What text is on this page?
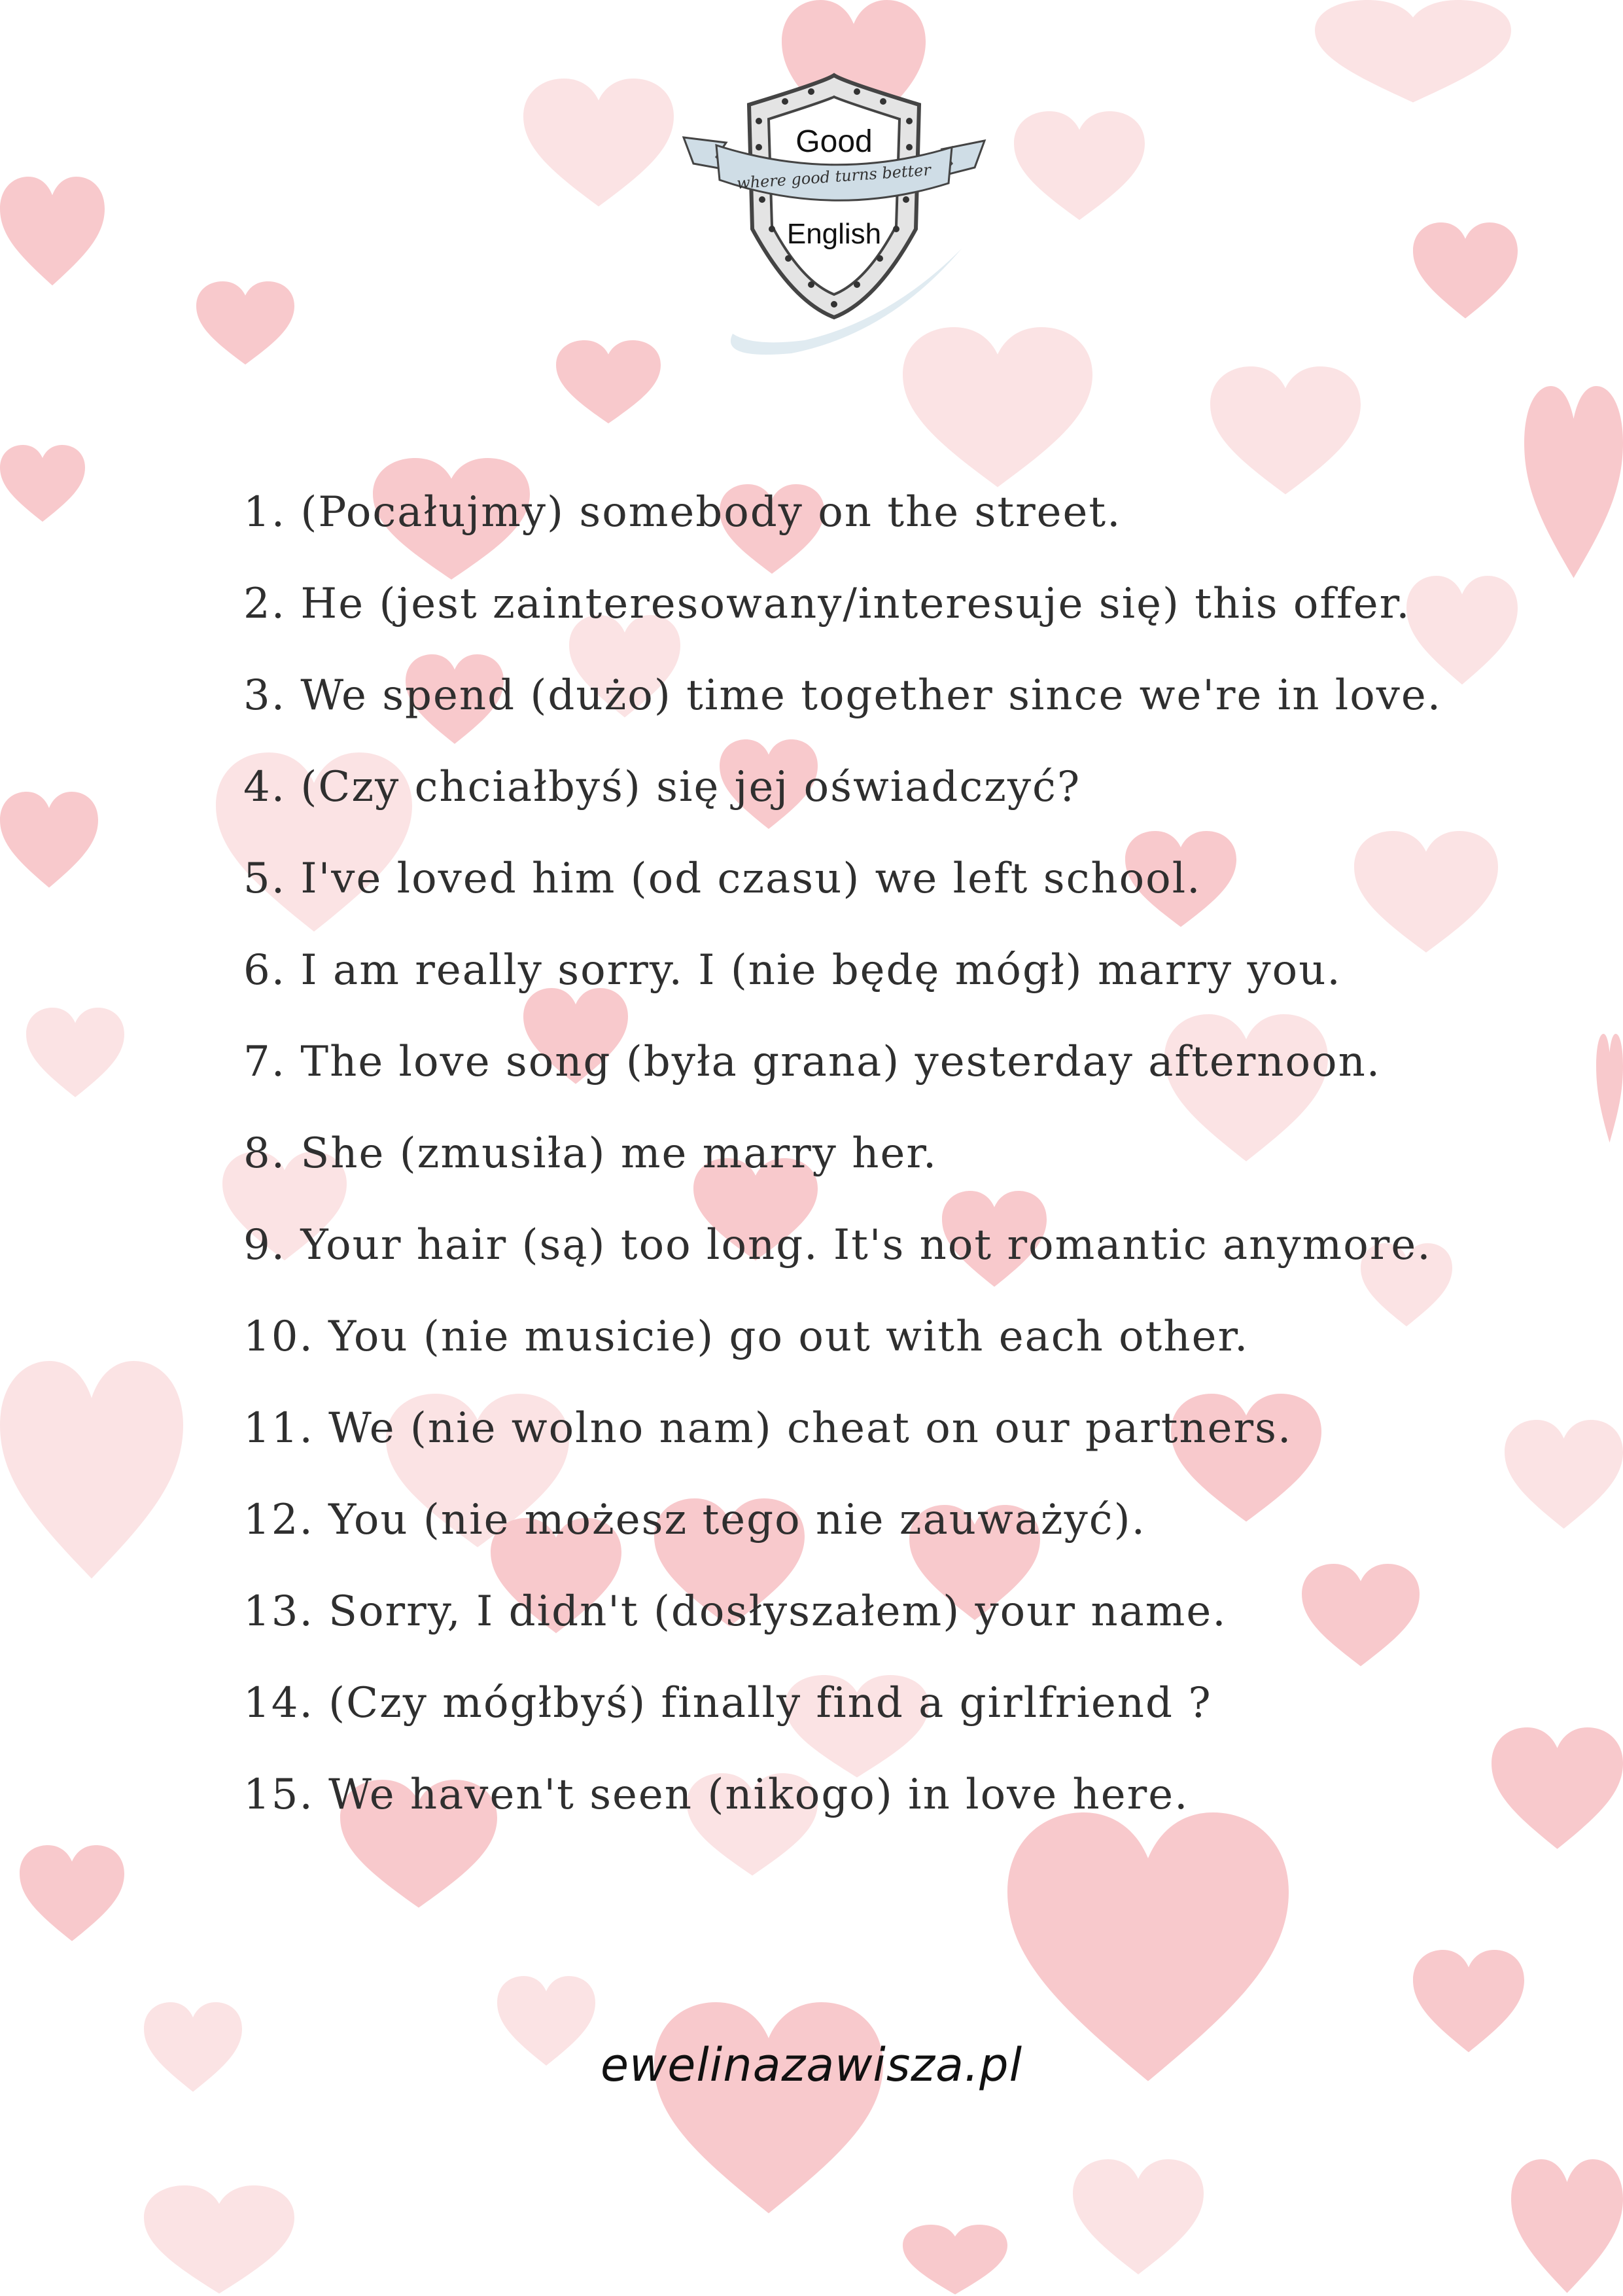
Good
where good turns better
English
1. (Pocałujmy) somebody on the street.
2. He (jest zainteresowany/interesuje się) this offer.
3. We spend (dużo) time together since we're in love.
4. (Czy chciałbyś) się jej oświadczyć?
5. I've loved him (od czasu) we left school.
6. I am really sorry. I (nie będę mógł) marry you.
7. The love song (była grana) yesterday afternoon.
8. She (zmusiła) me marry her.
9. Your hair (są) too long. It's not romantic anymore.
10. You (nie musicie) go out with each other.
11. We (nie wolno nam) cheat on our partners.
12. You (nie możesz tego nie zauważyć).
13. Sorry, I didn't (dosłyszałem) your name.
14. (Czy mógłbyś) finally find a girlfriend ?
15. We haven't seen (nikogo) in love here.
ewelinazawisza.pl
